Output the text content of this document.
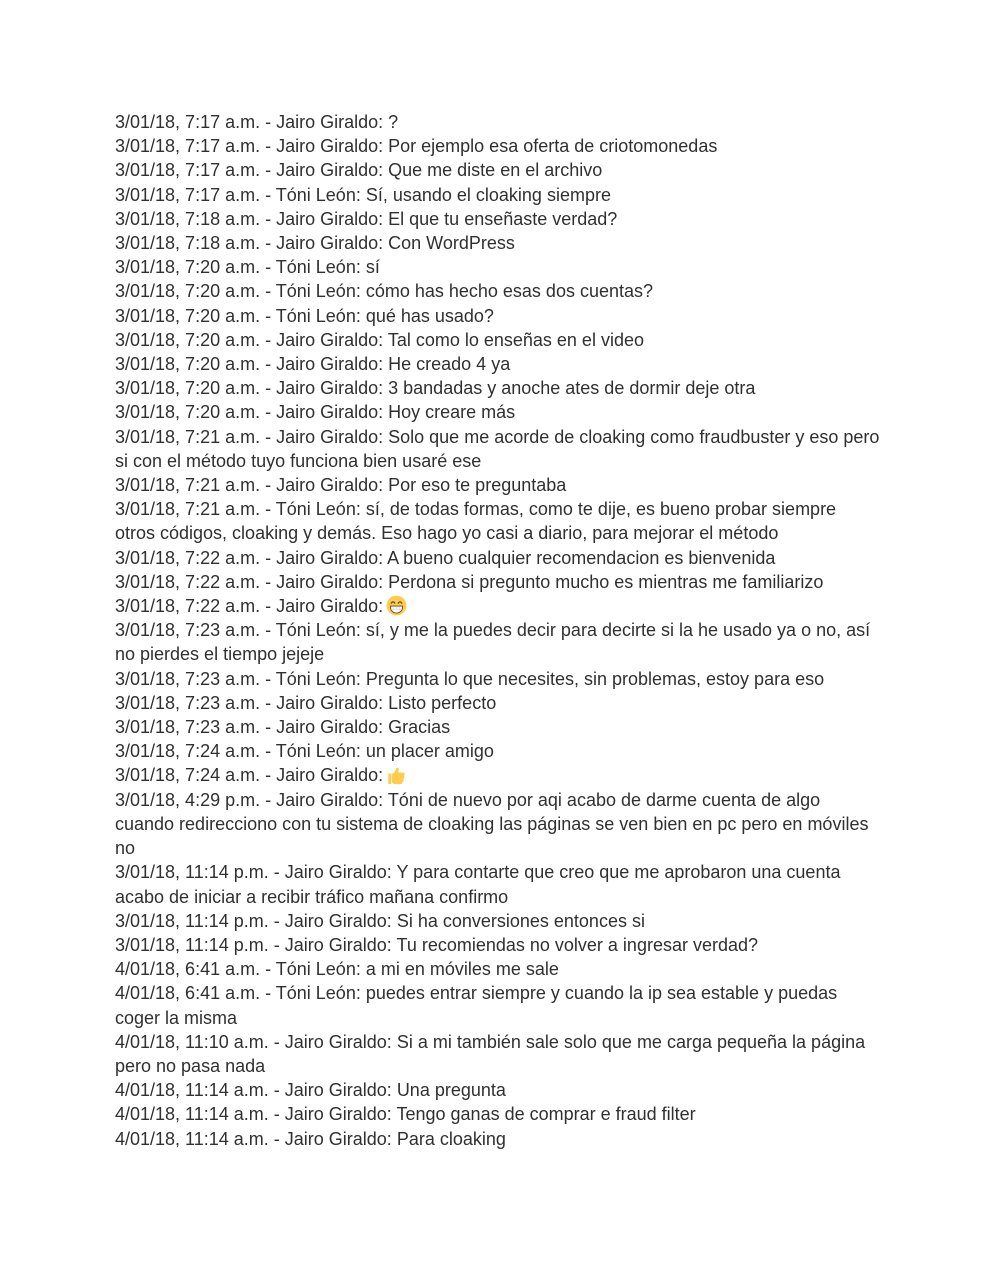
3/01/18, 7:17 a.m. - Jairo Giraldo: ?
3/01/18, 7:17 a.m. - Jairo Giraldo: Por ejemplo esa oferta de criotomonedas
3/01/18, 7:17 a.m. - Jairo Giraldo: Que me diste en el archivo
3/01/18, 7:17 a.m. - Tóni León: Sí, usando el cloaking siempre
3/01/18, 7:18 a.m. - Jairo Giraldo: El que tu enseñaste verdad?
3/01/18, 7:18 a.m. - Jairo Giraldo: Con WordPress
3/01/18, 7:20 a.m. - Tóni León: sí
3/01/18, 7:20 a.m. - Tóni León: cómo has hecho esas dos cuentas?
3/01/18, 7:20 a.m. - Tóni León: qué has usado?
3/01/18, 7:20 a.m. - Jairo Giraldo: Tal como lo enseñas en el video
3/01/18, 7:20 a.m. - Jairo Giraldo: He creado 4 ya
3/01/18, 7:20 a.m. - Jairo Giraldo: 3 bandadas y anoche ates de dormir deje otra
3/01/18, 7:20 a.m. - Jairo Giraldo: Hoy creare más
3/01/18, 7:21 a.m. - Jairo Giraldo: Solo que me acorde de cloaking como fraudbuster y eso pero
si con el método tuyo funciona bien usaré ese
3/01/18, 7:21 a.m. - Jairo Giraldo: Por eso te preguntaba
3/01/18, 7:21 a.m. - Tóni León: sí, de todas formas, como te dije, es bueno probar siempre
otros códigos, cloaking y demás. Eso hago yo casi a diario, para mejorar el método
3/01/18, 7:22 a.m. - Jairo Giraldo: A bueno cualquier recomendacion es bienvenida
3/01/18, 7:22 a.m. - Jairo Giraldo: Perdona si pregunto mucho es mientras me familiarizo
3/01/18, 7:22 a.m. - Jairo Giraldo:
3/01/18, 7:23 a.m. - Tóni León: sí, y me la puedes decir para decirte si la he usado ya o no, así
no pierdes el tiempo jejeje
3/01/18, 7:23 a.m. - Tóni León: Pregunta lo que necesites, sin problemas, estoy para eso
3/01/18, 7:23 a.m. - Jairo Giraldo: Listo perfecto
3/01/18, 7:23 a.m. - Jairo Giraldo: Gracias
3/01/18, 7:24 a.m. - Tóni León: un placer amigo
3/01/18, 7:24 a.m. - Jairo Giraldo:
3/01/18, 4:29 p.m. - Jairo Giraldo: Tóni de nuevo por aqi acabo de darme cuenta de algo
cuando redirecciono con tu sistema de cloaking las páginas se ven bien en pc pero en móviles
no
3/01/18, 11:14 p.m. - Jairo Giraldo: Y para contarte que creo que me aprobaron una cuenta
acabo de iniciar a recibir tráfico mañana confirmo
3/01/18, 11:14 p.m. - Jairo Giraldo: Si ha conversiones entonces si
3/01/18, 11:14 p.m. - Jairo Giraldo: Tu recomiendas no volver a ingresar verdad?
4/01/18, 6:41 a.m. - Tóni León: a mi en móviles me sale
4/01/18, 6:41 a.m. - Tóni León: puedes entrar siempre y cuando la ip sea estable y puedas
coger la misma
4/01/18, 11:10 a.m. - Jairo Giraldo: Si a mi también sale solo que me carga pequeña la página
pero no pasa nada
4/01/18, 11:14 a.m. - Jairo Giraldo: Una pregunta
4/01/18, 11:14 a.m. - Jairo Giraldo: Tengo ganas de comprar e fraud filter
4/01/18, 11:14 a.m. - Jairo Giraldo: Para cloaking
